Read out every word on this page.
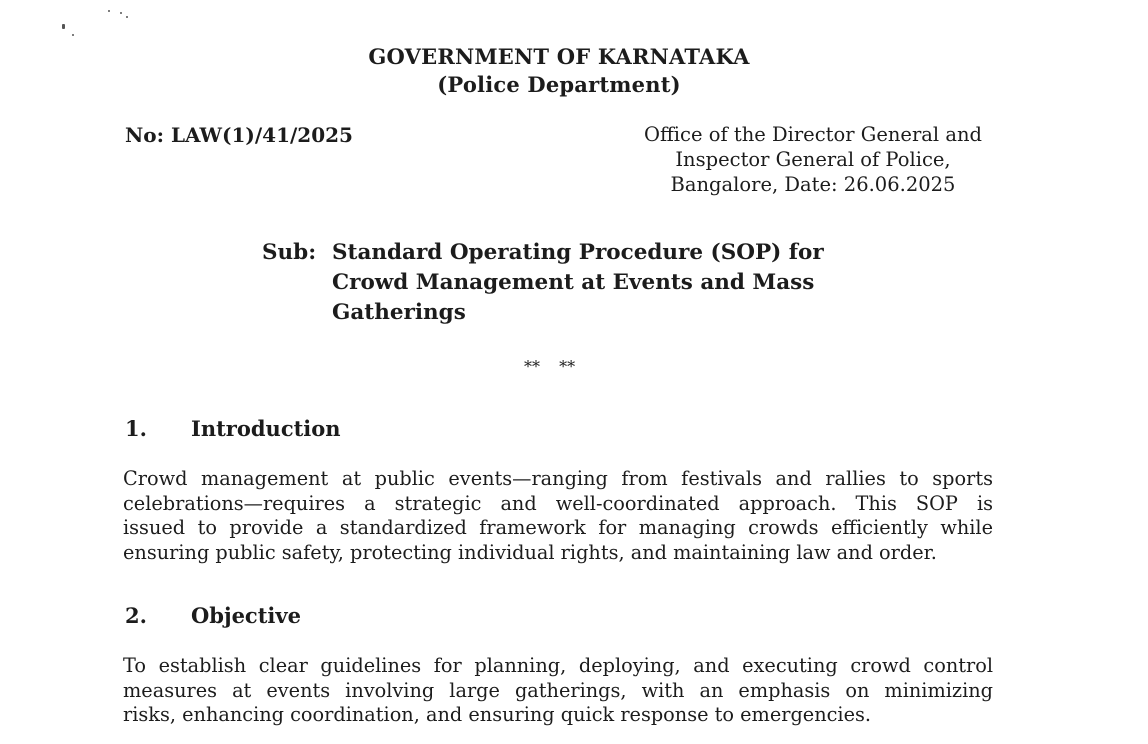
GOVERNMENT OF KARNATAKA
(Police Department)
No: LAW(1)/41/2025	Office of the Director General and
Inspector General of Police,
Bangalore, Date: 26.06.2025
Sub: Standard Operating Procedure (SOP) for
Crowd Management at Events and Mass
Gatherings
** **
1. Introduction
Crowd management at public events—ranging from festivals and rallies to sports
celebrations—requires a strategic and well-coordinated approach. This SOP is
issued to provide a standardized framework for managing crowds efficiently while
ensuring public safety, protecting individual rights, and maintaining law and order.
2. Objective
To establish clear guidelines for planning, deploying, and executing crowd control
measures at events involving large gatherings, with an emphasis on minimizing
risks, enhancing coordination, and ensuring quick response to emergencies.
